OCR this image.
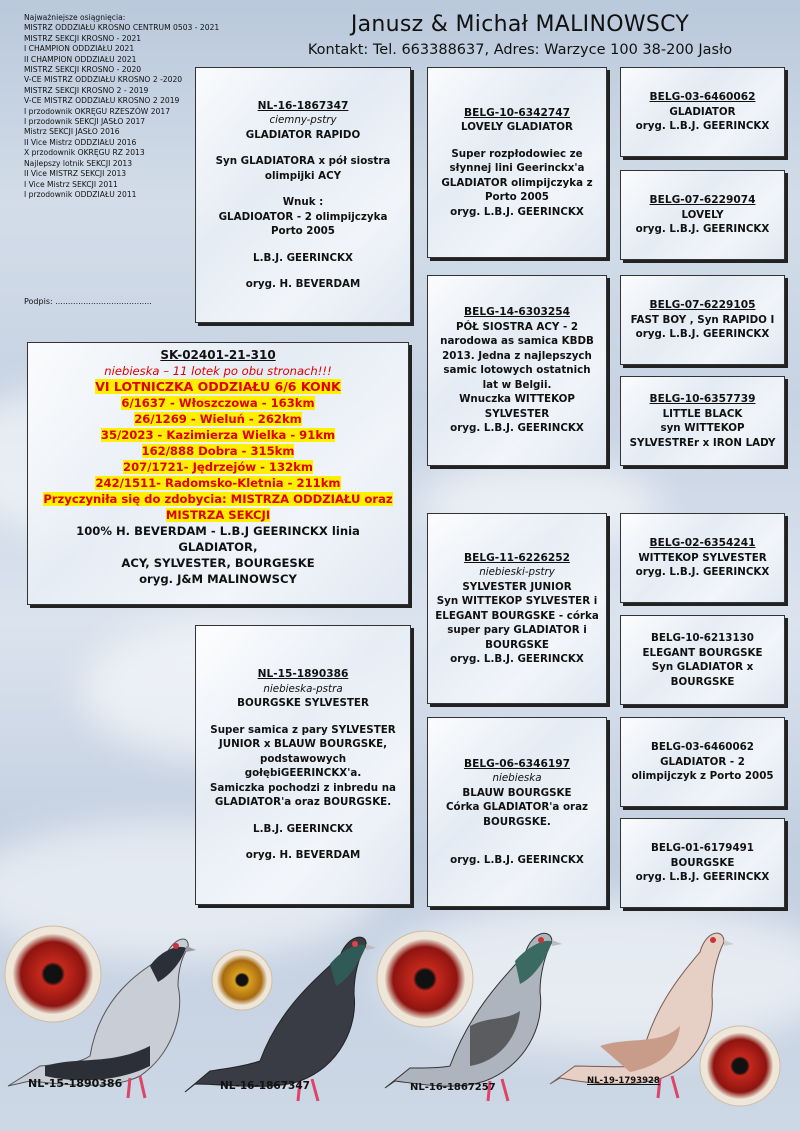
Najważniejsze osiągnięcia:
MISTRZ ODDZIAŁU KROSNO CENTRUM 0503 - 2021
MISTRZ SEKCJI KROSNO - 2021
I CHAMPION ODDZIAŁU 2021
II CHAMPION ODDZIAŁU 2021
MISTRZ SEKCJI KROSNO - 2020
V-CE MISTRZ ODDZIAŁU KROSNO 2 -2020
MISTRZ SEKCJI KROSNO 2 - 2019
V-CE MISTRZ ODDZIAŁU KROSNO 2 2019
I przodownik OKRĘGU RZESZÓW 2017
I przodownik SEKCJI JASŁO 2017
Mistrz SEKCJI JASŁO 2016
II Vice Mistrz ODDZIAŁU 2016
X przodownik OKRĘGU RZ 2013
Najlepszy lotnik SEKCJI 2013
II Vice MISTRZ SEKCJI 2013
I Vice Mistrz SEKCJI 2011
I przodownik ODDZIAŁU 2011
Podpis: ......................................
Janusz & Michał MALINOWSCY
Kontakt: Tel. 663388637, Adres: Warzyce 100 38-200 Jasło
NL-16-1867347
ciemny-pstry
GLADIATOR RAPIDO
Syn GLADIATORA x pół siostra olimpijki ACY
Wnuk :
GLADIOATOR - 2 olimpijczyka Porto 2005
L.B.J. GEERINCKX
oryg. H. BEVERDAM
BELG-10-6342747
LOVELY GLADIATOR
Super rozpłodowiec ze słynnej lini Geerinckx'a GLADIATOR olimpijczyka z Porto 2005
oryg. L.B.J. GEERINCKX
BELG-14-6303254
PÓŁ SIOSTRA ACY - 2 narodowa as samica KBDB 2013. Jedna z najlepszych samic lotowych ostatnich lat w Belgii.
Wnuczka WITTEKOP SYLVESTER
oryg. L.B.J. GEERINCKX
BELG-03-6460062
GLADIATOR
oryg. L.B.J. GEERINCKX
BELG-07-6229074
LOVELY
oryg. L.B.J. GEERINCKX
BELG-07-6229105
FAST BOY , Syn RAPIDO I
oryg. L.B.J. GEERINCKX
BELG-10-6357739
LITTLE BLACK
syn WITTEKOP SYLVESTREr x IRON LADY
SK-02401-21-310
niebieska – 11 lotek po obu stronach!!!
VI LOTNICZKA ODDZIAŁU 6/6 KONK
6/1637 - Włoszczowa - 163km
26/1269 - Wieluń - 262km
35/2023 - Kazimierza Wielka - 91km
162/888 Dobra - 315km
207/1721- Jędrzejów - 132km
242/1511- Radomsko-Kletnia - 211km
Przyczyniła się do zdobycia: MISTRZA ODDZIAŁU oraz
MISTRZA SEKCJI
100% H. BEVERDAM - L.B.J GEERINCKX linia GLADIATOR,
ACY, SYLVESTER, BOURGESKE
oryg. J&M MALINOWSCY
NL-15-1890386
niebieska-pstra
BOURGSKE SYLVESTER
Super samica z pary SYLVESTER JUNIOR x BLAUW BOURGSKE, podstawowych gołębiGEERINCKX'a.
Samiczka pochodzi z inbredu na GLADIATOR'a oraz BOURGSKE.
L.B.J. GEERINCKX
oryg. H. BEVERDAM
BELG-11-6226252
niebieski-pstry
SYLVESTER JUNIOR
Syn WITTEKOP SYLVESTER i ELEGANT BOURGSKE - córka super pary GLADIATOR i BOURGSKE
oryg. L.B.J. GEERINCKX
BELG-06-6346197
niebieska
BLAUW BOURGSKE
Córka GLADIATOR'a oraz BOURGSKE.
oryg. L.B.J. GEERINCKX
BELG-02-6354241
WITTEKOP SYLVESTER
oryg. L.B.J. GEERINCKX
BELG-10-6213130
ELEGANT BOURGSKE
Syn GLADIATOR x BOURGSKE
BELG-03-6460062
GLADIATOR - 2
olimpijczyk z Porto 2005
BELG-01-6179491
BOURGSKE
oryg. L.B.J. GEERINCKX
NL-15-1890386	NL-16-1867347	NL-16-1867257
NL-19-1793928
